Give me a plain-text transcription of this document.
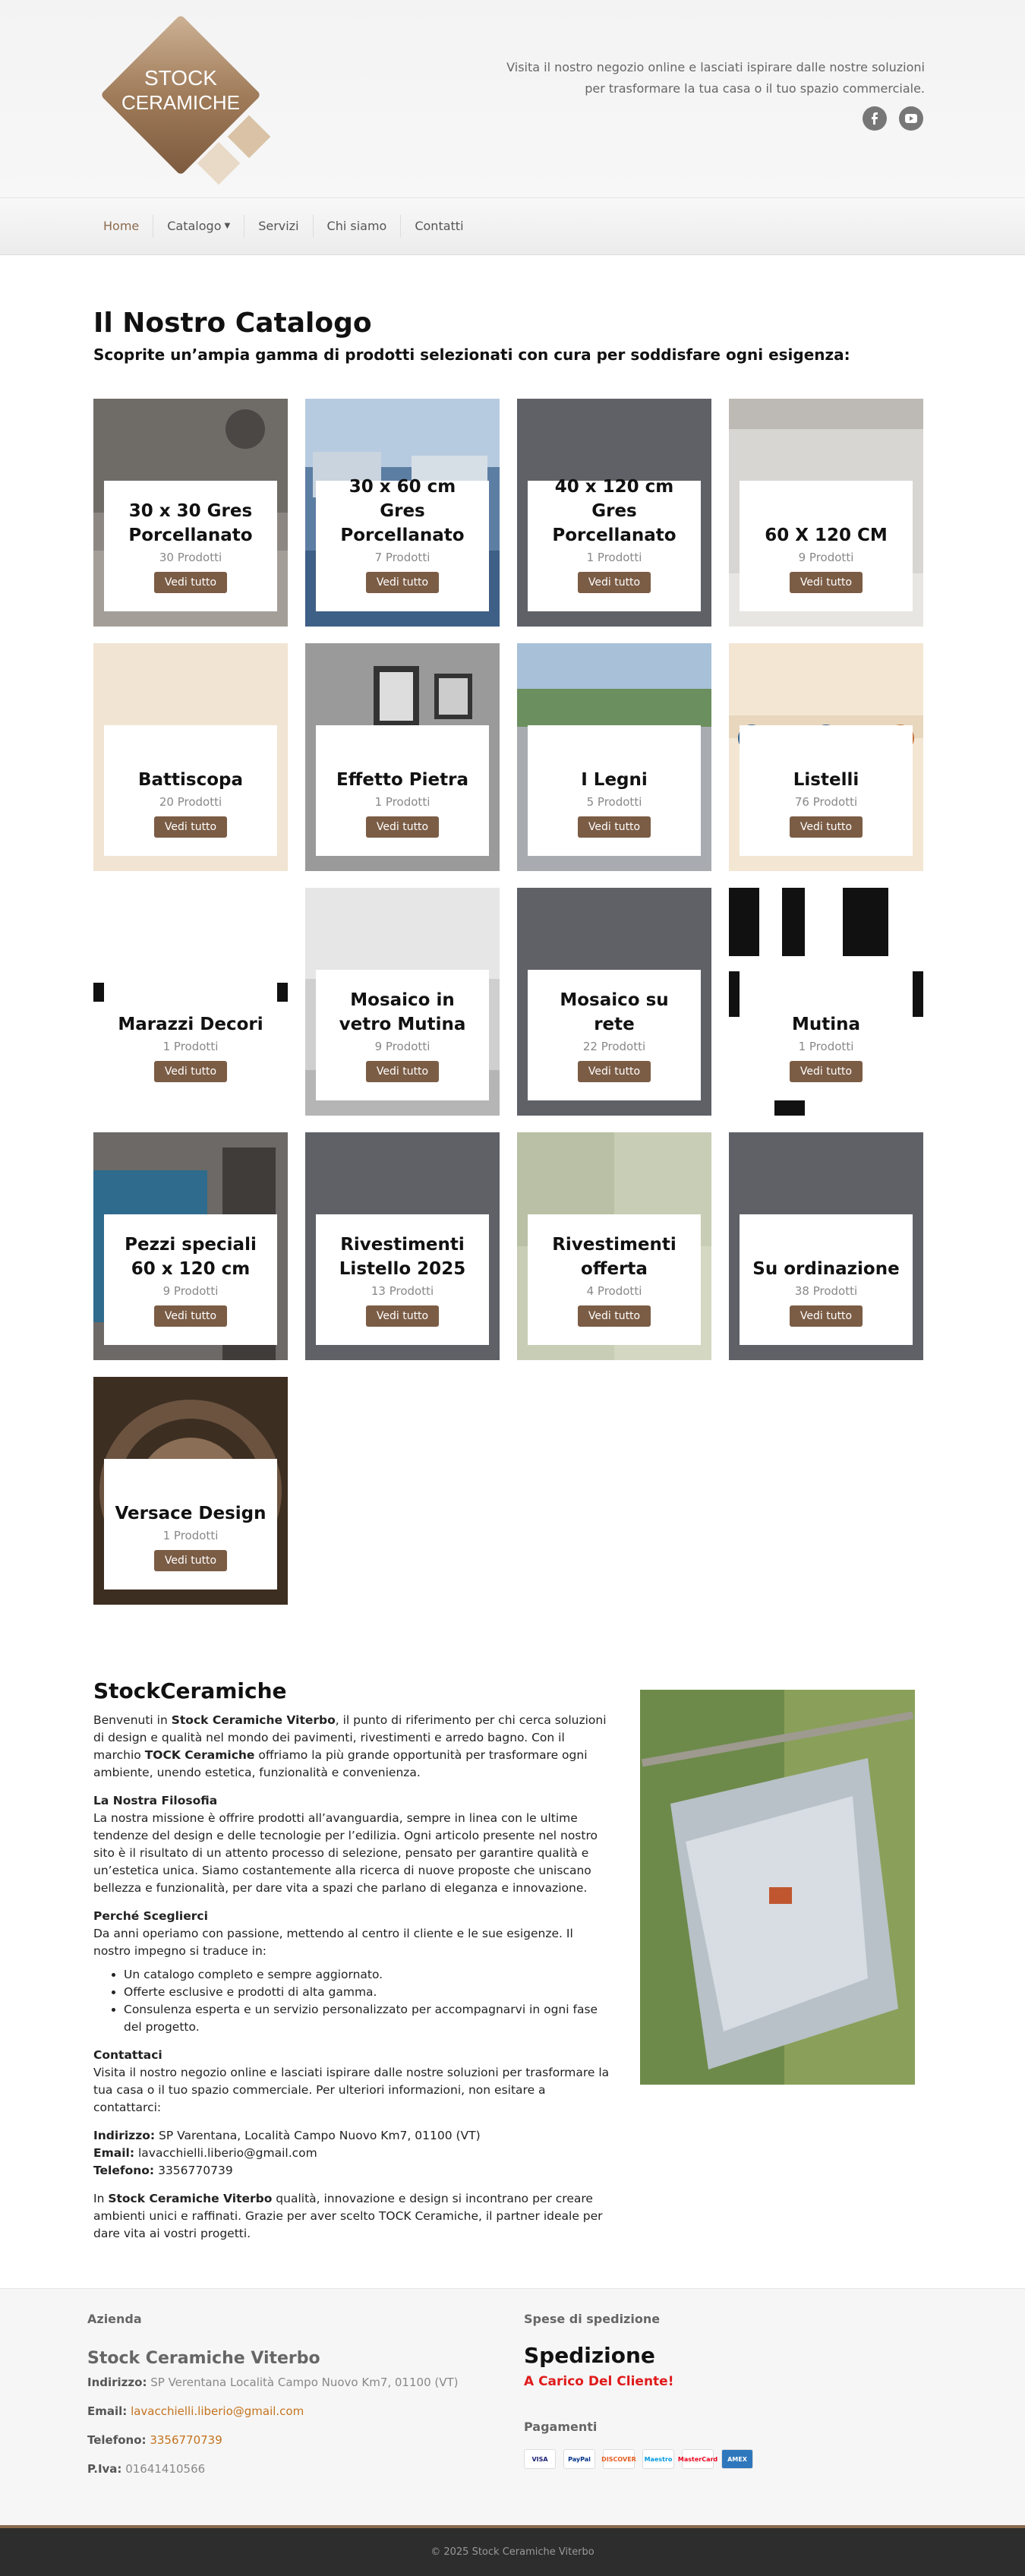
STOCK
CERAMICHE
Visita il nostro negozio online e lasciati ispirare dalle nostre soluzioni per trasformare la tua casa o il tuo spazio commerciale.
Home	Catalogo ▼	Servizi	Chi siamo	Contatti
Il Nostro Catalogo
Scoprite un’ampia gamma di prodotti selezionati con cura per soddisfare ogni esigenza:
30 x 30 Gres Porcellanato
30 Prodotti
Vedi tutto
30 x 60 cm Gres Porcellanato
7 Prodotti
Vedi tutto
40 x 120 cm Gres Porcellanato
1 Prodotti
Vedi tutto
60 X 120 CM
9 Prodotti
Vedi tutto
Battiscopa
20 Prodotti
Vedi tutto
Effetto Pietra
1 Prodotti
Vedi tutto
I Legni
5 Prodotti
Vedi tutto
Listelli
76 Prodotti
Vedi tutto
Marazzi Decori
1 Prodotti
Vedi tutto
Mosaico in vetro Mutina
9 Prodotti
Vedi tutto
Mosaico su rete
22 Prodotti
Vedi tutto
Mutina
1 Prodotti
Vedi tutto
Pezzi speciali 60 x 120 cm
9 Prodotti
Vedi tutto
Rivestimenti Listello 2025
13 Prodotti
Vedi tutto
Rivestimenti offerta
4 Prodotti
Vedi tutto
Su ordinazione
38 Prodotti
Vedi tutto
Versace Design
1 Prodotti
Vedi tutto
StockCeramiche

Benvenuti in Stock Ceramiche Viterbo, il punto di riferimento per chi cerca soluzioni di design e qualità nel mondo dei pavimenti, rivestimenti e arredo bagno. Con il marchio TOCK Ceramiche offriamo la più grande opportunità per trasformare ogni ambiente, unendo estetica, funzionalità e convenienza.

La Nostra Filosofia

La nostra missione è offrire prodotti all’avanguardia, sempre in linea con le ultime tendenze del design e delle tecnologie per l’edilizia. Ogni articolo presente nel nostro sito è il risultato di un attento processo di selezione, pensato per garantire qualità e un’estetica unica. Siamo costantemente alla ricerca di nuove proposte che uniscano bellezza e funzionalità, per dare vita a spazi che parlano di eleganza e innovazione.

Perché Sceglierci

Da anni operiamo con passione, mettendo al centro il cliente e le sue esigenze. Il nostro impegno si traduce in:

• Un catalogo completo e sempre aggiornato.
• Offerte esclusive e prodotti di alta gamma.
• Consulenza esperta e un servizio personalizzato per accompagnarvi in ogni fase del progetto.
Contattaci

Visita il nostro negozio online e lasciati ispirare dalle nostre soluzioni per trasformare la tua casa o il tuo spazio commerciale. Per ulteriori informazioni, non esitare a contattarci:

Indirizzo: SP Varentana, Località Campo Nuovo Km7, 01100 (VT)
Email: lavacchielli.liberio@gmail.com
Telefono: 3356770739

In Stock Ceramiche Viterbo qualità, innovazione e design si incontrano per creare ambienti unici e raffinati. Grazie per aver scelto TOCK Ceramiche, il partner ideale per dare vita ai vostri progetti.

Azienda
Stock Ceramiche Viterbo
Indirizzo: SP Verentana Località Campo Nuovo Km7, 01100 (VT)
Email: lavacchielli.liberio@gmail.com
Telefono: 3356770739
P.Iva: 01641410566
Spese di spedizione
Spedizione
A Carico Del Cliente!
Pagamenti
VISA	PayPal	DISCOVER	Maestro MasterCard	AMEX
© 2025 Stock Ceramiche Viterbo
